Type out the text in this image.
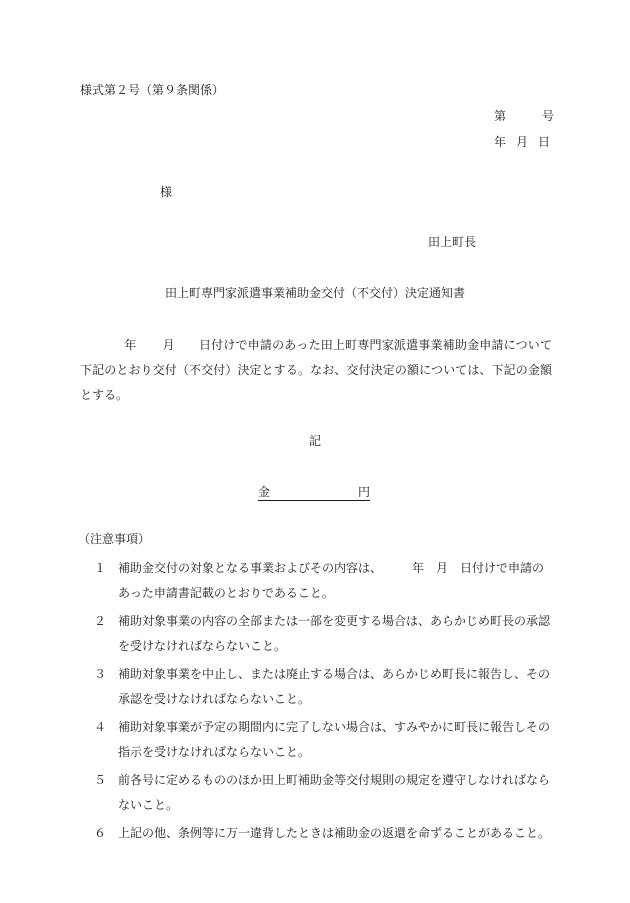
様式第２号（第９条関係）
第	号
年 月 日
様
田上町長
田上町専門家派遣事業補助金交付（不交付）決定通知書
年 月 日付けで申請のあった田上町専門家派遣事業補助金申請について下記のとおり交付（不交付）決定とする。なお、交付決定の額については、下記の金額とする。
記
金	円
（注意事項）
１ 補助金交付の対象となる事業およびその内容は、	年 月 日付けで申請のあった申請書記載のとおりであること。
２ 補助対象事業の内容の全部または一部を変更する場合は、あらかじめ町長の承認を受けなければならないこと。
３ 補助対象事業を中止し、または廃止する場合は、あらかじめ町長に報告し、その承認を受けなければならないこと。
４ 補助対象事業が予定の期間内に完了しない場合は、すみやかに町長に報告しその指示を受けなければならないこと。
５ 前各号に定めるもののほか田上町補助金等交付規則の規定を遵守しなければならないこと。
６ 上記の他、条例等に万一違背したときは補助金の返還を命ずることがあること。
